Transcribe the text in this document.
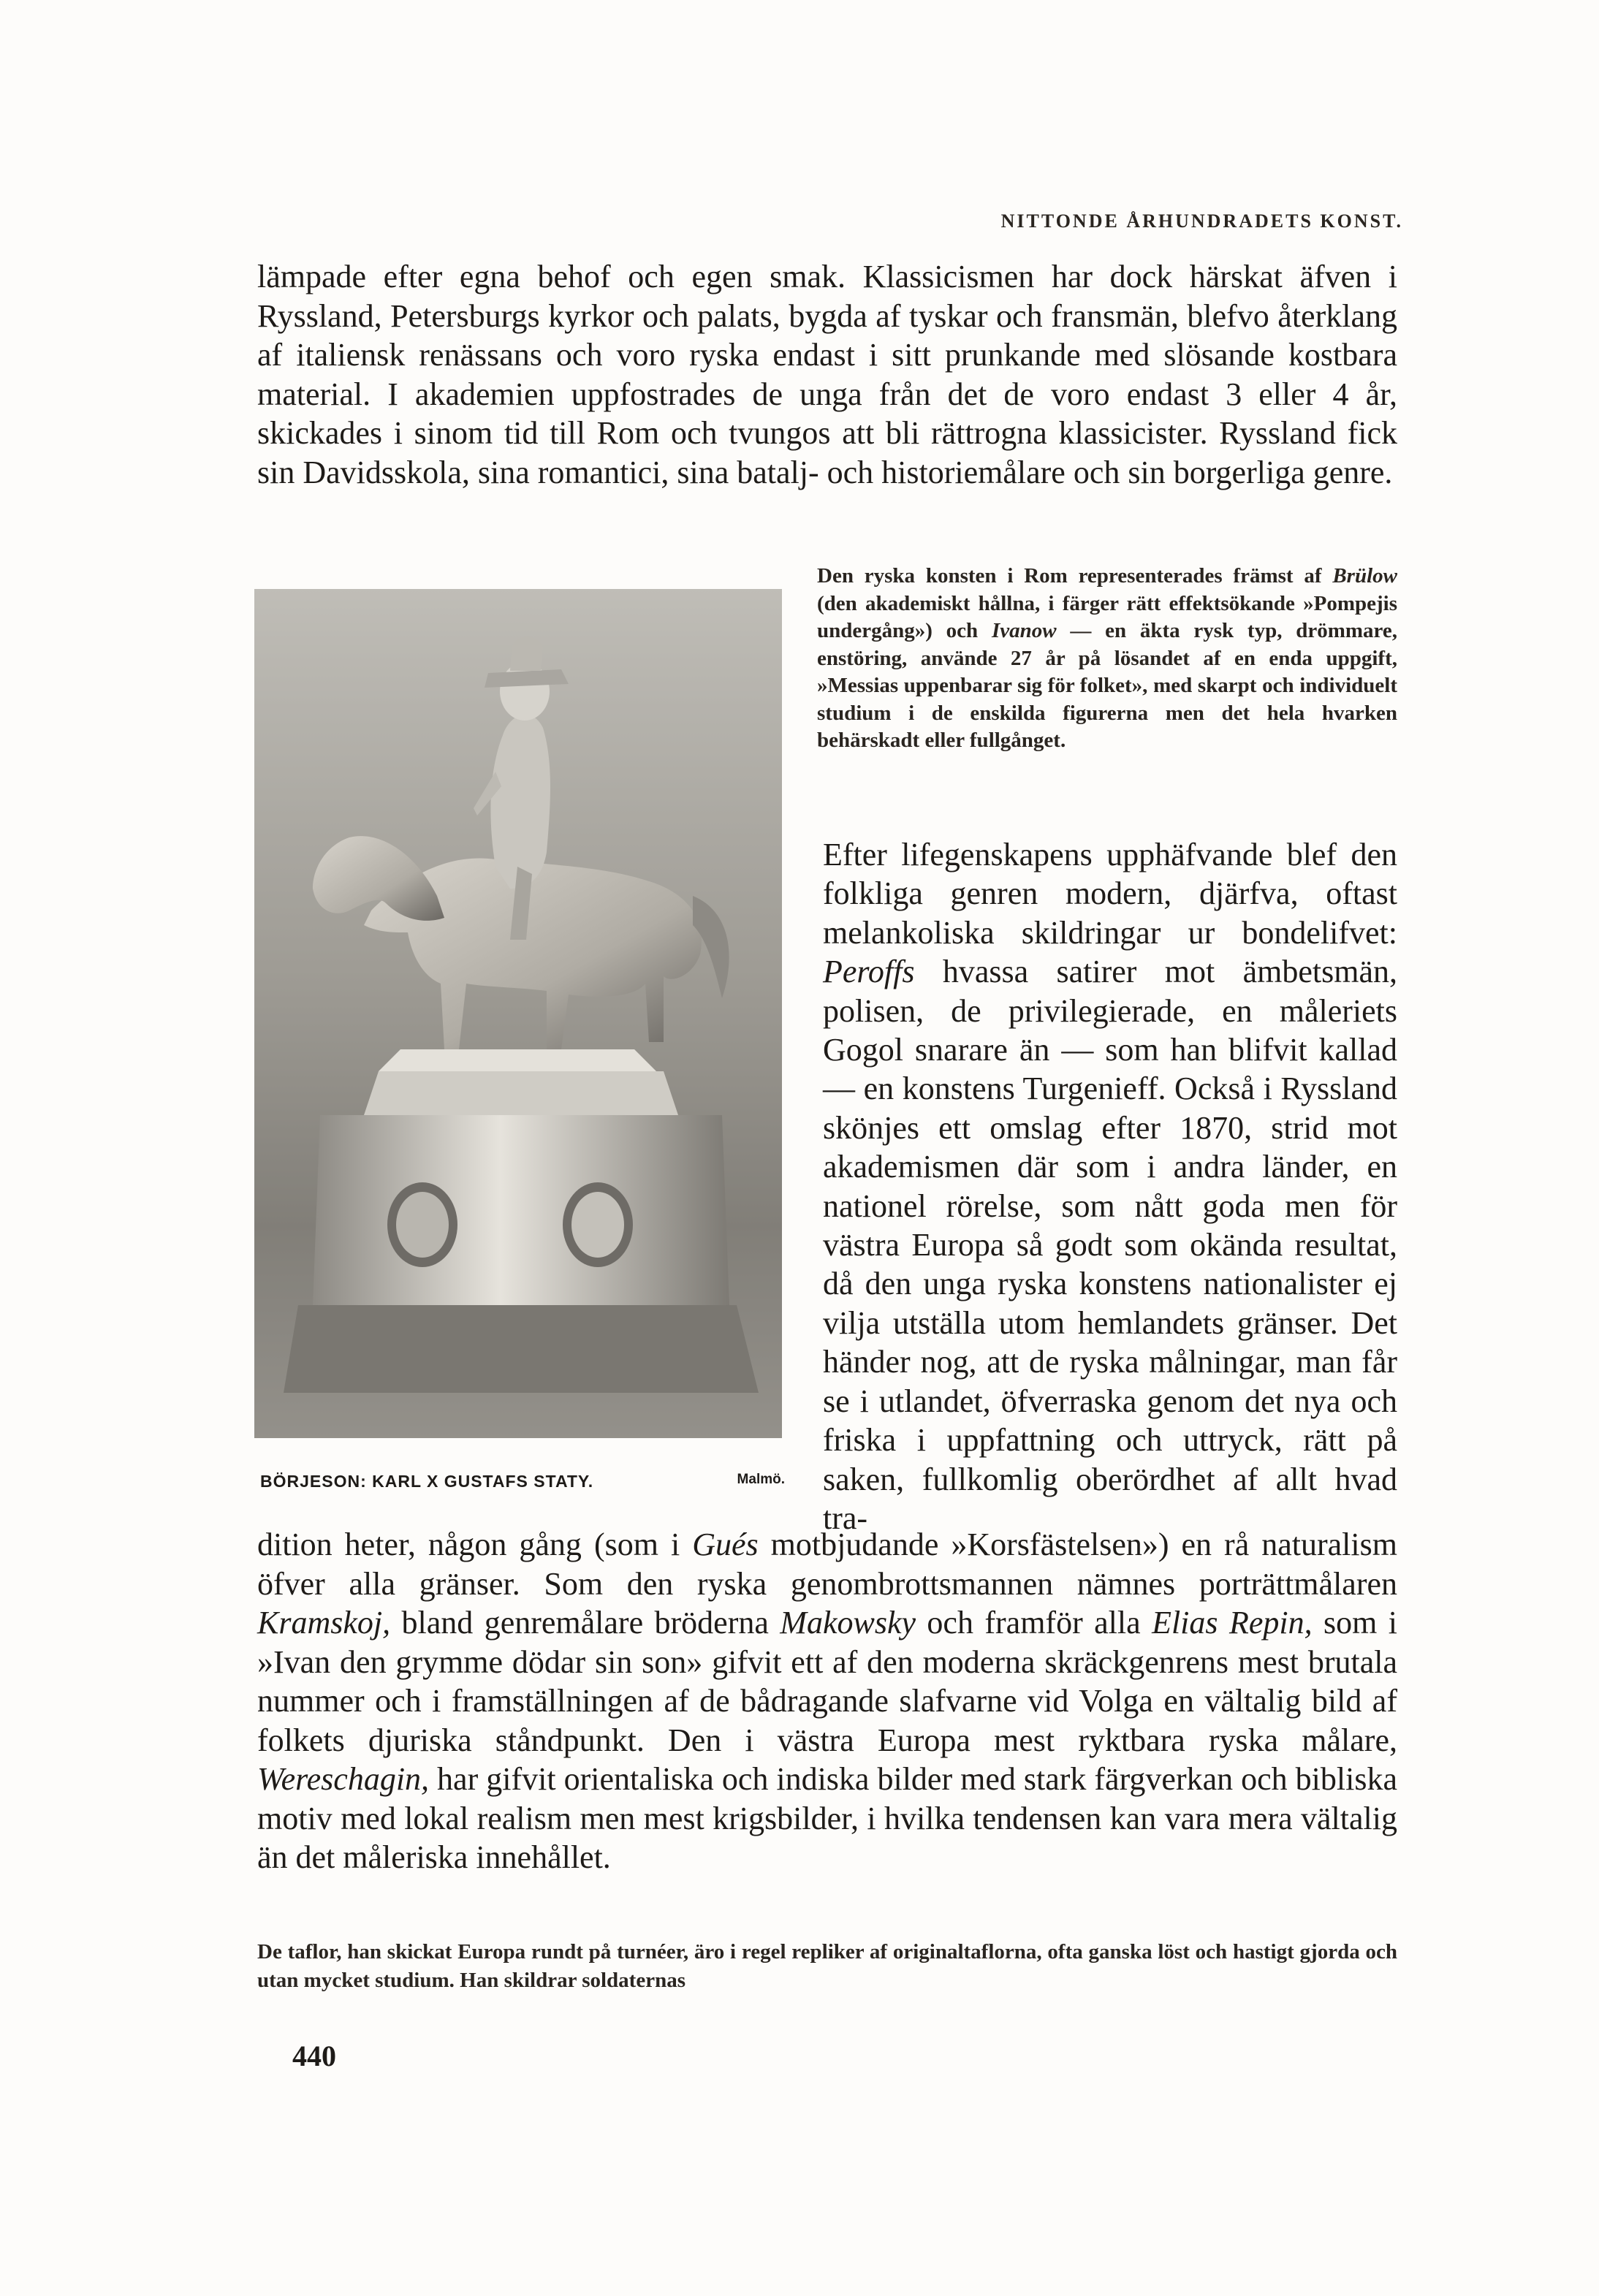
NITTONDE ÅRHUNDRADETS KONST.

lämpade efter egna behof och egen smak. Klassicismen har dock härskat äfven i Ryssland, Petersburgs kyrkor och palats, bygda af tyskar och fransmän, blefvo återklang af italiensk renässans och voro ryska endast i sitt prunkande med slösande kostbara material. I akademien uppfostrades de unga från det de voro endast 3 eller 4 år, skickades i sinom tid till Rom och tvungos att bli rättrogna klassicister. Ryssland fick sin Davidsskola, sina romantici, sina batalj- och historiemålare och sin borgerliga genre.

Den ryska konsten i Rom representerades främst af Brülow (den akademiskt hållna, i färger rätt effektsökande »Pompejis undergång») och Ivanow — en äkta rysk typ, drömmare, enstöring, använde 27 år på lösandet af en enda uppgift, »Messias uppenbarar sig för folket», med skarpt och individuelt studium i de enskilda figurerna men det hela hvarken behärskadt eller fullgånget.
BÖRJESON: KARL X GUSTAFS STATY.	Malmö.
Efter lifegenskapens upphäfvande blef den folkliga genren modern, djärfva, oftast melankoliska skildringar ur bondelifvet: Peroffs hvassa satirer mot ämbetsmän, polisen, de privilegierade, en måleriets Gogol snarare än — som han blifvit kallad — en konstens Turgenieff. Också i Ryssland skönjes ett omslag efter 1870, strid mot akademismen där som i andra länder, en nationel rörelse, som nått goda men för västra Europa så godt som okända resultat, då den unga ryska konstens nationalister ej vilja utställa utom hemlandets gränser. Det händer nog, att de ryska målningar, man får se i utlandet, öfverraska genom det nya och friska i uppfattning och uttryck, rätt på saken, fullkomlig oberördhet af allt hvad tra-

dition heter, någon gång (som i Gués motbjudande »Korsfästelsen») en rå naturalism öfver alla gränser. Som den ryska genombrottsmannen nämnes porträttmålaren Kramskoj, bland genremålare bröderna Makowsky och framför alla Elias Repin, som i »Ivan den grymme dödar sin son» gifvit ett af den moderna skräckgenrens mest brutala nummer och i framställningen af de bådragande slafvarne vid Volga en vältalig bild af folkets djuriska ståndpunkt. Den i västra Europa mest ryktbara ryska målare, Wereschagin, har gifvit orientaliska och indiska bilder med stark färgverkan och bibliska motiv med lokal realism men mest krigsbilder, i hvilka tendensen kan vara mera vältalig än det måleriska innehållet.

De taflor, han skickat Europa rundt på turnéer, äro i regel repliker af originaltaflorna, ofta ganska löst och hastigt gjorda och utan mycket studium. Han skildrar soldaternas
440
